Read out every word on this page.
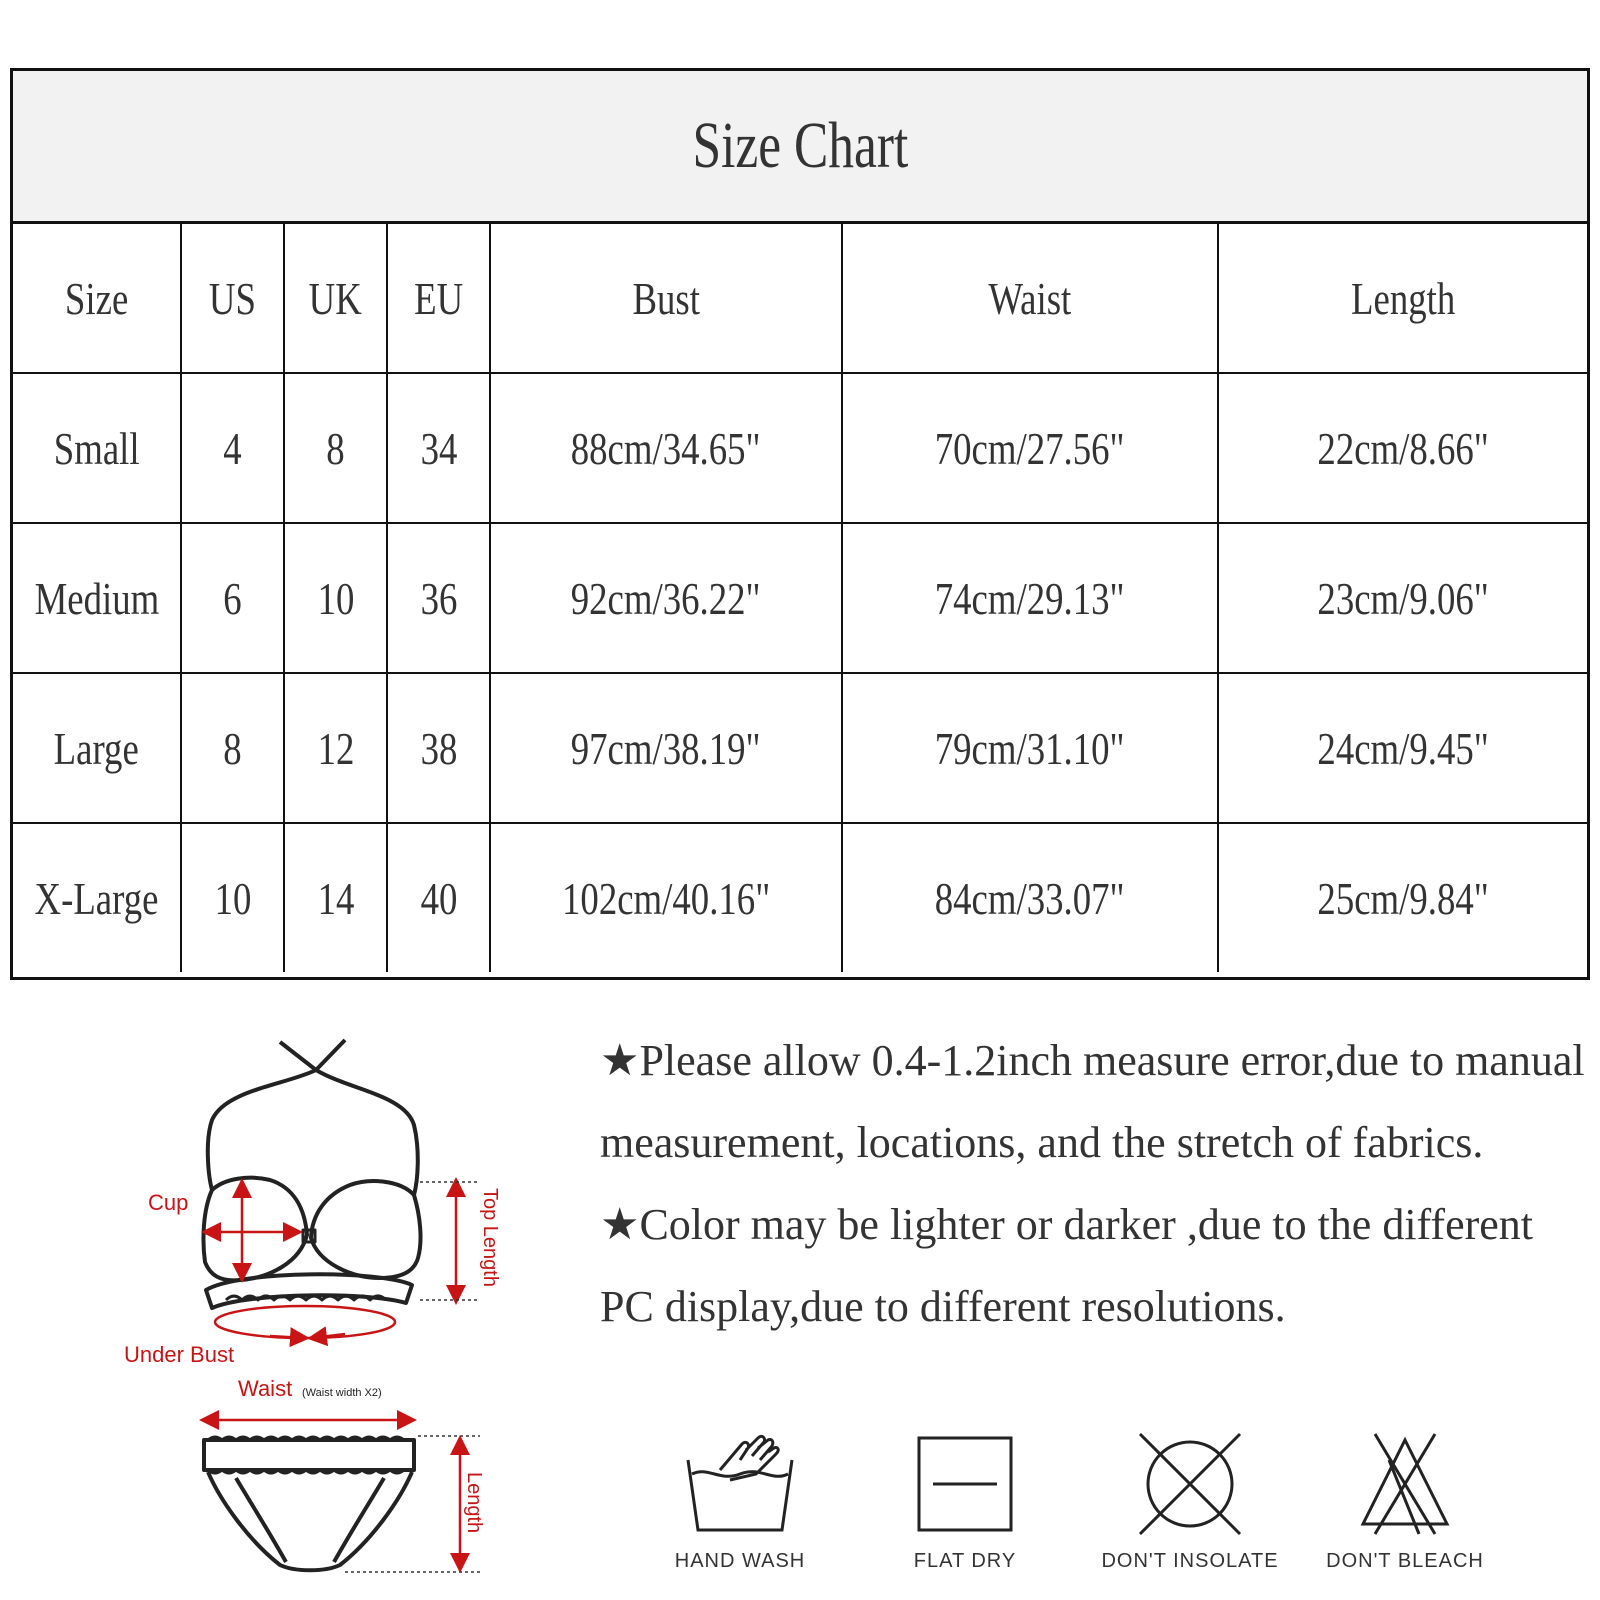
Size Chart
Size	US	UK	EU	Bust	Waist	Length
Small	4	8	34	88cm/34.65"	70cm/27.56"	22cm/8.66"
Medium	6	10	36	92cm/36.22"	74cm/29.13"	23cm/9.06"
Large	8	12	38	97cm/38.19"	79cm/31.10"	24cm/9.45"
X-Large	10	14	40	102cm/40.16"	84cm/33.07"	25cm/9.84"
Cup
Under Bust
Top Length
Waist (Waist width X2)
Length

★Please allow 0.4-1.2inch measure error,due to manual measurement, locations, and the stretch of fabrics.

★Color may be lighter or darker ,due to the different PC display,due to different resolutions.

HAND WASH	FLAT DRY	DON'T INSOLATE	DON'T BLEACH
